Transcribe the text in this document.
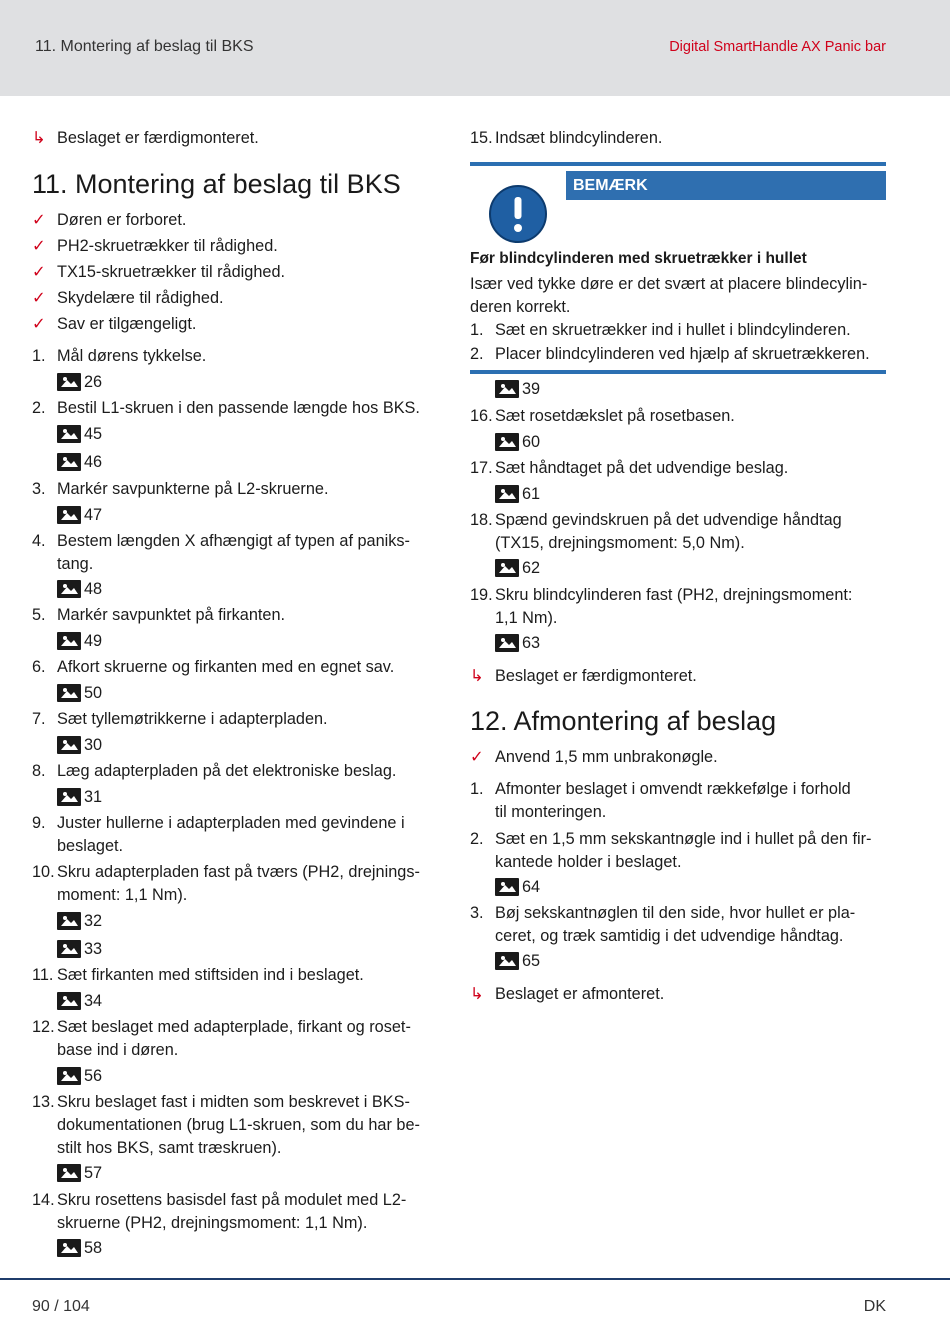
11. Montering af beslag til BKS	Digital SmartHandle AX Panic bar
↳ Beslaget er færdigmonteret.
11. Montering af beslag til BKS
✓ Døren er forboret.
✓ PH2-skruetrækker til rådighed.
✓ TX15-skruetrækker til rådighed.
✓ Skydelære til rådighed.
✓ Sav er tilgængeligt.
1. Mål dørens tykkelse.
26
2. Bestil L1-skruen i den passende længde hos BKS.
45
46
3. Markér savpunkterne på L2-skruerne.
47
4. Bestem længden X afhængigt af typen af paniks-
tang.
48
5. Markér savpunktet på firkanten.
49
6. Afkort skruerne og firkanten med en egnet sav.
50
7. Sæt tyllemøtrikkerne i adapterpladen.
30
8. Læg adapterpladen på det elektroniske beslag.
31
9. Juster hullerne i adapterpladen med gevindene i
beslaget.
10. Skru adapterpladen fast på tværs (PH2, drejnings-
moment: 1,1 Nm).
32
33
11. Sæt firkanten med stiftsiden ind i beslaget.
34
12. Sæt beslaget med adapterplade, firkant og roset-
base ind i døren.
56
13. Skru beslaget fast i midten som beskrevet i BKS-
dokumentationen (brug L1-skruen, som du har be-
stilt hos BKS, samt træskruen).
57
14. Skru rosettens basisdel fast på modulet med L2-
skruerne (PH2, drejningsmoment: 1,1 Nm).
58
15. Indsæt blindcylinderen.
BEMÆRK
Før blindcylinderen med skruetrækker i hullet
Især ved tykke døre er det svært at placere blindecylin-
deren korrekt.
1. Sæt en skruetrækker ind i hullet i blindcylinderen.
2. Placer blindcylinderen ved hjælp af skruetrækkeren.
39
16. Sæt rosetdækslet på rosetbasen.
60
17. Sæt håndtaget på det udvendige beslag.
61
18. Spænd gevindskruen på det udvendige håndtag
(TX15, drejningsmoment: 5,0 Nm).
62
19. Skru blindcylinderen fast (PH2, drejningsmoment:
1,1 Nm).
63
↳ Beslaget er færdigmonteret.
12. Afmontering af beslag
✓ Anvend 1,5 mm unbrakonøgle.
1. Afmonter beslaget i omvendt rækkefølge i forhold
til monteringen.
2. Sæt en 1,5 mm sekskantnøgle ind i hullet på den fir-
kantede holder i beslaget.
64
3. Bøj sekskantnøglen til den side, hvor hullet er pla-
ceret, og træk samtidig i det udvendige håndtag.
65
↳ Beslaget er afmonteret.
90 / 104	DK
